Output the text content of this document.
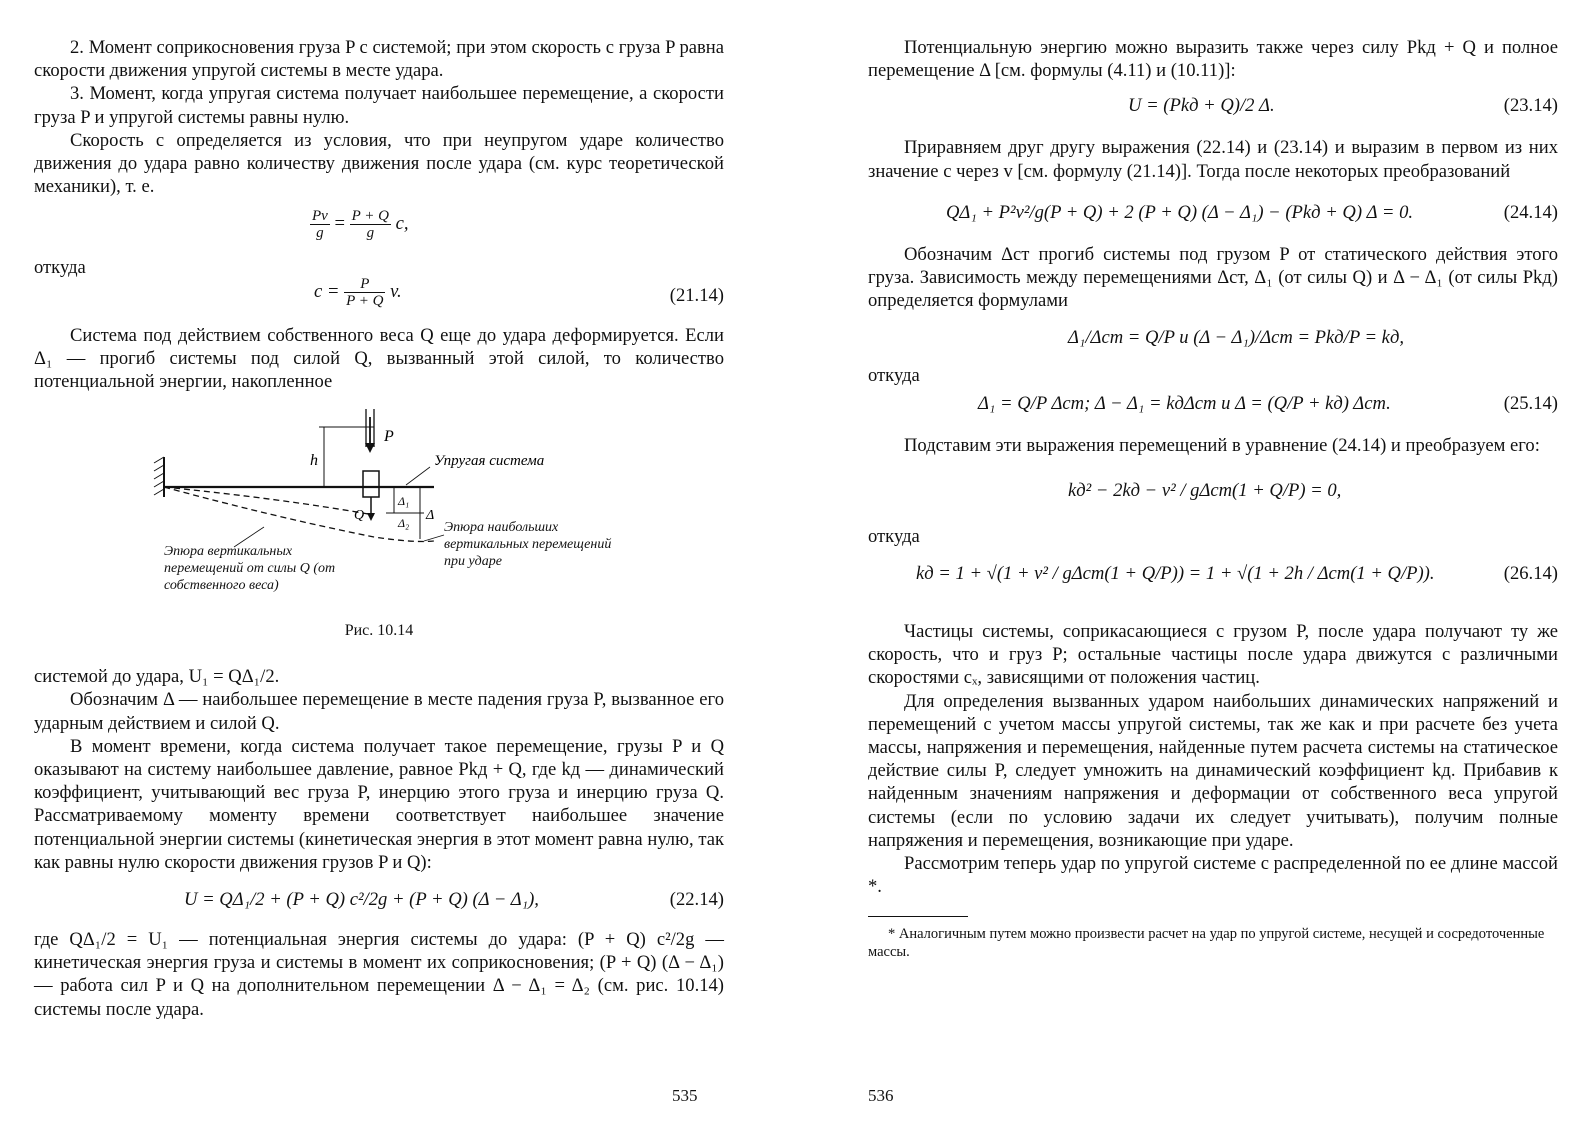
2. Момент соприкосновения груза P с системой; при этом скорость c груза P равна скорости движения упругой системы в месте удара.

3. Момент, когда упругая система получает наибольшее перемещение, а скорости груза P и упругой системы равны нулю.

Скорость c определяется из условия, что при неупругом ударе количество движения до удара равно количеству движения после удара (см. курс теоретической механики), т. е.

$\frac{Pv}{g} = \frac{P + Q}{g} c$,

откуда

$c = \frac{P}{P + Q} v$.	(21.14)

Система под действием собственного веса Q еще до удара деформируется. Если Δ₁ — прогиб системы под силой Q, вызванный этой силой, то количество потенциальной энергии, накопленное

P
h
Q
Δ₁
Δ₂ Δ
Упругая система
Эпюра наибольших вертикальных перемещений при ударе
Эпюра вертикальных перемещений от силы Q (от собственного веса)
Рис. 10.14

системой до удара, U₁ = QΔ₁/2.

Обозначим Δ — наибольшее перемещение в месте падения груза P, вызванное его ударным действием и силой Q.

В момент времени, когда система получает такое перемещение, грузы P и Q оказывают на систему наибольшее давление, равное Pkд + Q, где kд — динамический коэффициент, учитывающий вес груза P, инерцию этого груза и инерцию груза Q. Рассматриваемому моменту времени соответствует наибольшее значение потенциальной энергии системы (кинетическая энергия в этот момент равна нулю, так как равны нулю скорости движения грузов P и Q):

U = QΔ₁/2 + (P + Q) c²/2g + (P + Q) (Δ − Δ₁),	(22.14)

где QΔ₁/2 = U₁ — потенциальная энергия системы до удара: (P + Q) c²/2g — кинетическая энергия груза и системы в момент их соприкосновения; (P + Q) (Δ − Δ₁) — работа сил P и Q на дополнительном перемещении Δ − Δ₁ = Δ₂ (см. рис. 10.14) системы после удара.

535

Потенциальную энергию можно выразить также через силу Pkд + Q и полное перемещение Δ [см. формулы (4.11) и (10.11)]:

U = (Pkд + Q)/2 Δ.	(23.14)

Приравняем друг другу выражения (22.14) и (23.14) и выразим в первом из них значение c через v [см. формулу (21.14)]. Тогда после некоторых преобразований

QΔ₁ + P²v²/g(P + Q) + 2 (P + Q) (Δ − Δ₁) − (Pkд + Q) Δ = 0.	(24.14)

Обозначим Δст прогиб системы под грузом P от статического действия этого груза. Зависимость между перемещениями Δст, Δ₁ (от силы Q) и Δ − Δ₁ (от силы Pkд) определяется формулами

Δ₁/Δст = Q/P и (Δ − Δ₁)/Δст = Pkд/P = kд,

откуда

Δ₁ = Q/P Δст; Δ − Δ₁ = kдΔст и Δ = (Q/P + kд) Δст.	(25.14)

Подставим эти выражения перемещений в уравнение (24.14) и преобразуем его:

kд² − 2kд − v² / gΔст(1 + Q/P) = 0,

откуда

kд = 1 + √(1 + v² / gΔст(1 + Q/P)) = 1 + √(1 + 2h / Δст(1 + Q/P)).	(26.14)

Частицы системы, соприкасающиеся с грузом P, после удара получают ту же скорость, что и груз P; остальные частицы после удара движутся с различными скоростями cₓ, зависящими от положения частиц.

Для определения вызванных ударом наибольших динамических напряжений и перемещений с учетом массы упругой системы, так же как и при расчете без учета массы, напряжения и перемещения, найденные путем расчета системы на статическое действие силы P, следует умножить на динамический коэффициент kд. Прибавив к найденным значениям напряжения и деформации от собственного веса упругой системы (если по условию задачи их следует учитывать), получим полные напряжения и перемещения, возникающие при ударе.

Рассмотрим теперь удар по упругой системе с распределенной по ее длине массой *.

* Аналогичным путем можно произвести расчет на удар по упругой системе, несущей и сосредоточенные массы.

536
